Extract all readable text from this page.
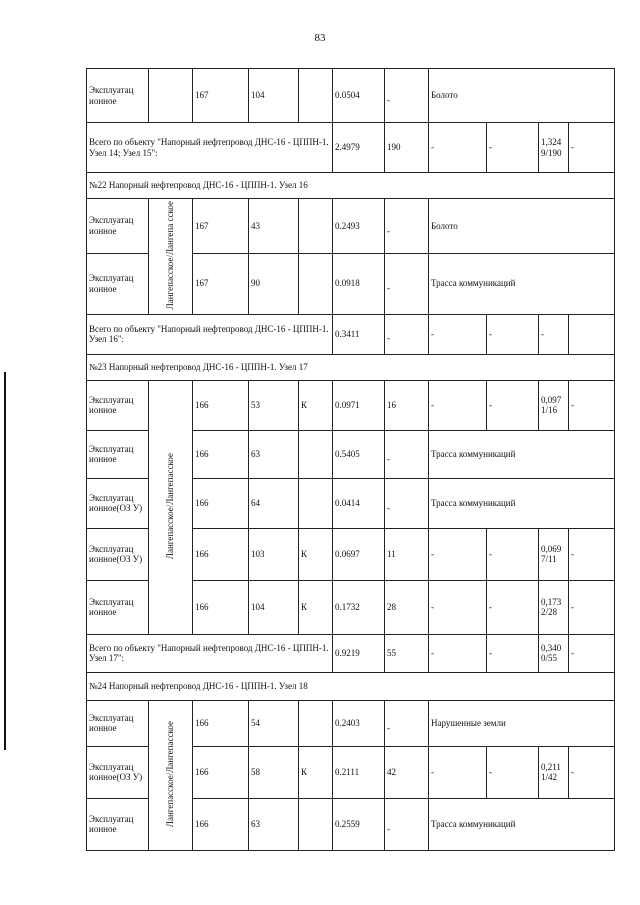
83
Эксплуатац ионное		167	104		0.0504	-	Болото			
Всего по объекту "Напорный нефтепровод ДНС-16 - ЦППН-1. Узел 14; Узел 15":					2.4979	190	-	-	1,324 9/190	-
№22 Напорный нефтепровод ДНС-16 - ЦППН-1. Узел 16										
Эксплуатац ионное	Лангепасское/Лангепа сское	167	43		0.2493	-	Болото			
Эксплуатац ионное		167	90		0.0918	-	Трасса коммуникаций			
Всего по объекту "Напорный нефтепровод ДНС-16 - ЦППН-1. Узел 16":					0.3411	-	-	-	-	
№23 Напорный нефтепровод ДНС-16 - ЦППН-1. Узел 17										
Эксплуатац ионное	Лангепасское/Лангепасское	166	53	К	0.0971	16	-	-	0,097 1/16	-
Эксплуатац ионное		166	63		0.5405	-	Трасса коммуникаций			
Эксплуатац ионное(ОЗ У)		166	64		0.0414	-	Трасса коммуникаций			
Эксплуатац ионное(ОЗ У)		166	103	К	0.0697	11	-	-	0,069 7/11	-
Эксплуатац ионное		166	104	К	0.1732	28	-	-	0,173 2/28	-
Всего по объекту "Напорный нефтепровод ДНС-16 - ЦППН-1. Узел 17":					0.9219	55	-	-	0,340 0/55	-
№24 Напорный нефтепровод ДНС-16 - ЦППН-1. Узел 18										
Эксплуатац ионное	Лангепасское/Лангепасское	166	54		0.2403	-	Нарушенные земли			
Эксплуатац ионное(ОЗ У)		166	58	К	0.2111	42	-	-	0,211 1/42	-
Эксплуатац ионное		166	63		0.2559	-	Трасса коммуникаций			
